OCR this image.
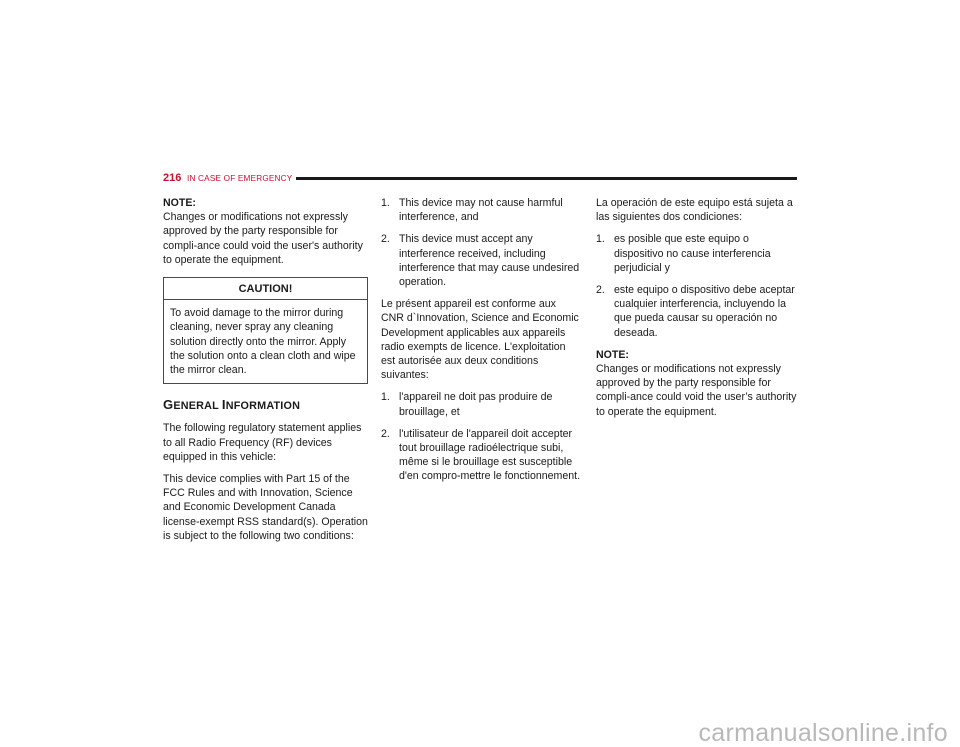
216 IN CASE OF EMERGENCY

NOTE:
Changes or modifications not expressly approved by the party responsible for compli-ance could void the user's authority to operate the equipment.

CAUTION!
To avoid damage to the mirror during cleaning, never spray any cleaning solution directly onto the mirror. Apply the solution onto a clean cloth and wipe the mirror clean.
GENERAL INFORMATION

The following regulatory statement applies to all Radio Frequency (RF) devices equipped in this vehicle:

This device complies with Part 15 of the FCC Rules and with Innovation, Science and Economic Development Canada license-exempt RSS standard(s). Operation is subject to the following two conditions:

1. This device may not cause harmful interference, and
2. This device must accept any interference received, including interference that may cause undesired operation.

Le présent appareil est conforme aux CNR d`Innovation, Science and Economic Development applicables aux appareils radio exempts de licence. L'exploitation est autorisée aux deux conditions suivantes:

1. l'appareil ne doit pas produire de brouillage, et
2. l'utilisateur de l'appareil doit accepter tout brouillage radioélectrique subi, même si le brouillage est susceptible d'en compro-mettre le fonctionnement.

La operación de este equipo está sujeta a las siguientes dos condiciones:

1. es posible que este equipo o dispositivo no cause interferencia perjudicial y
2. este equipo o dispositivo debe aceptar cualquier interferencia, incluyendo la que pueda causar su operación no deseada.

NOTE:
Changes or modifications not expressly approved by the party responsible for compli-ance could void the user’s authority to operate the equipment.

carmanualsonline.info
